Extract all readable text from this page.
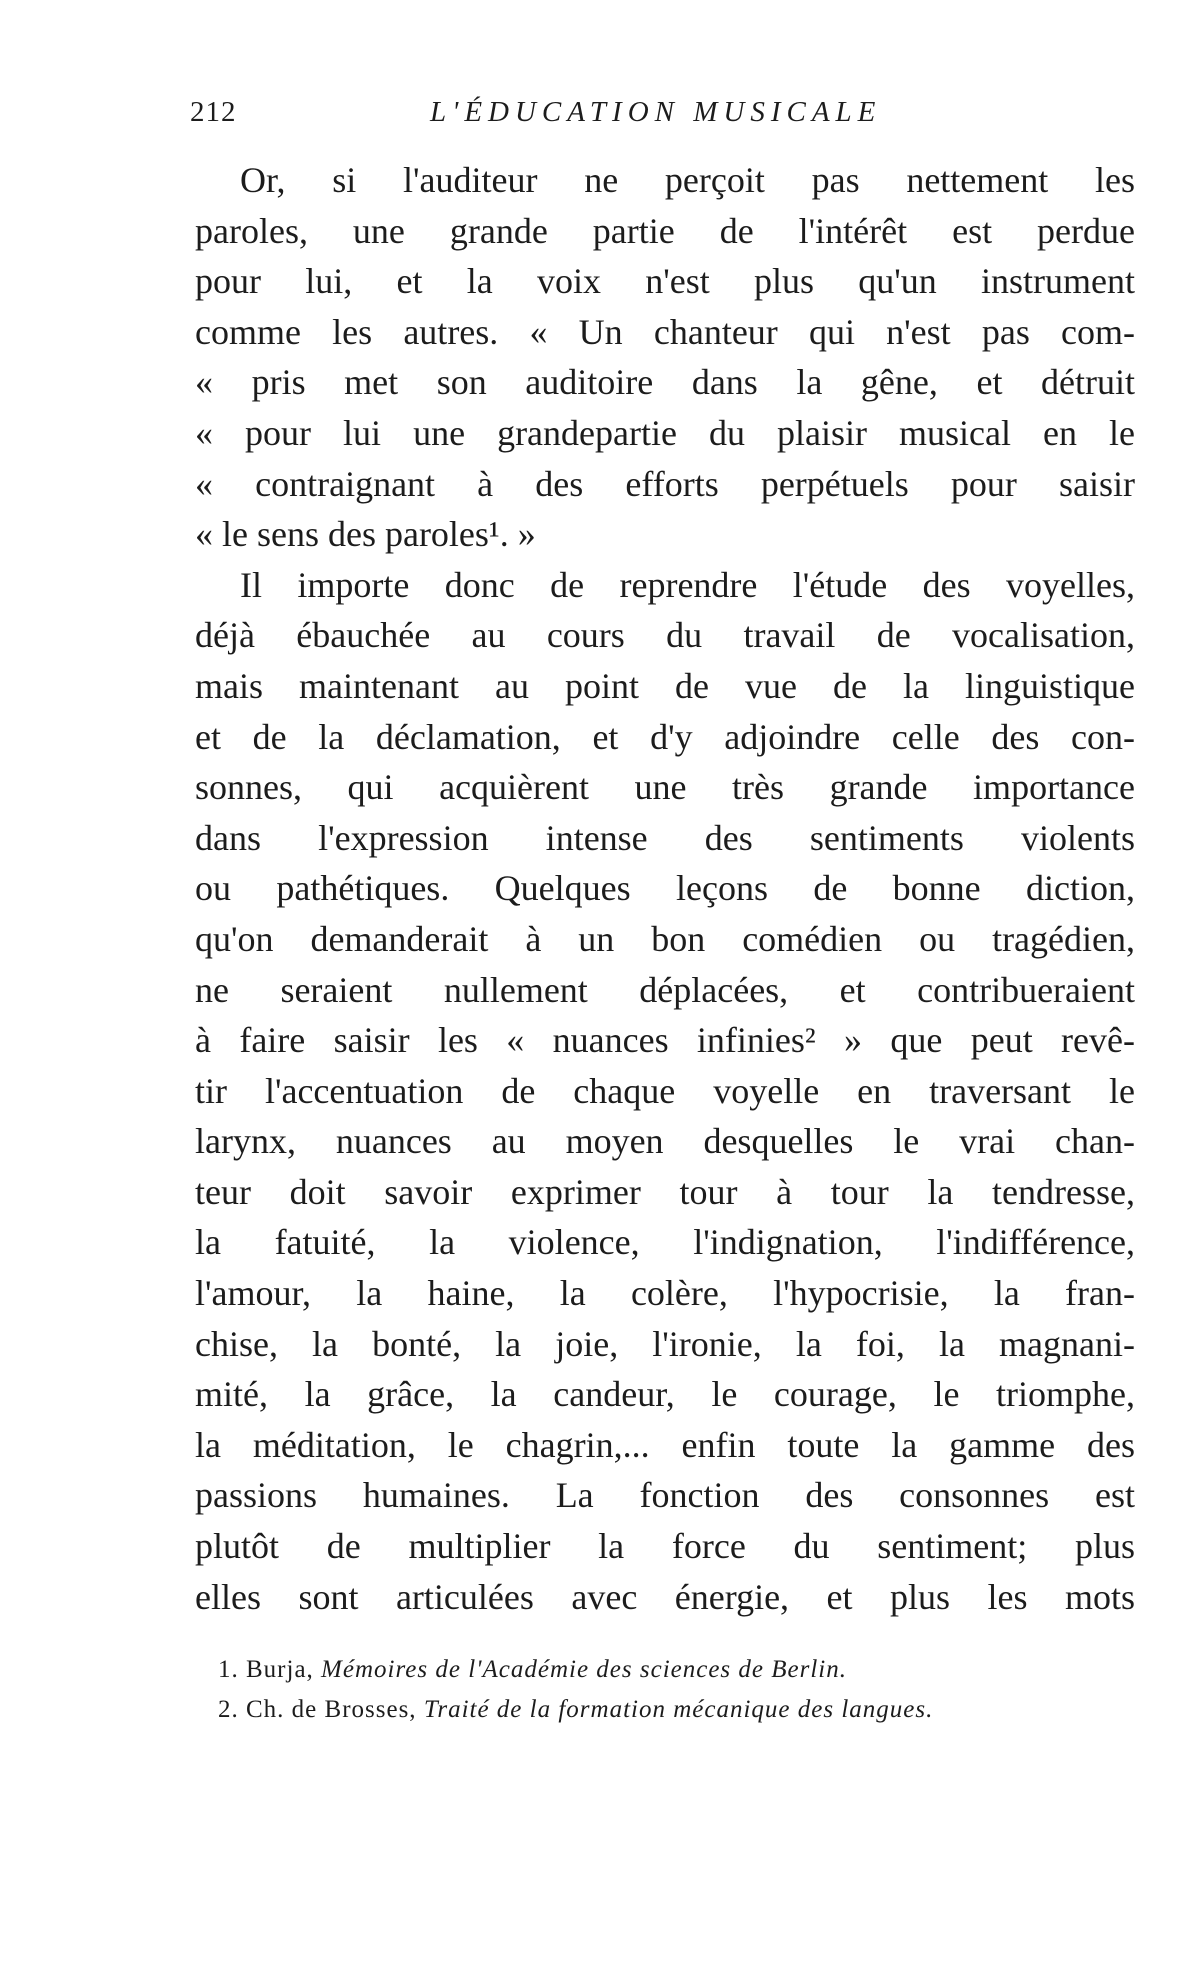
212	L'ÉDUCATION MUSICALE
Or, si l'auditeur ne perçoit pas nettement les
paroles, une grande partie de l'intérêt est perdue
pour lui, et la voix n'est plus qu'un instrument
comme les autres. « Un chanteur qui n'est pas com-
« pris met son auditoire dans la gêne, et détruit
« pour lui une grandepartie du plaisir musical en le
« contraignant à des efforts perpétuels pour saisir
« le sens des paroles¹. »
Il importe donc de reprendre l'étude des voyelles,
déjà ébauchée au cours du travail de vocalisation,
mais maintenant au point de vue de la linguistique
et de la déclamation, et d'y adjoindre celle des con-
sonnes, qui acquièrent une très grande importance
dans l'expression intense des sentiments violents
ou pathétiques. Quelques leçons de bonne diction,
qu'on demanderait à un bon comédien ou tragédien,
ne seraient nullement déplacées, et contribueraient
à faire saisir les « nuances infinies² » que peut revê-
tir l'accentuation de chaque voyelle en traversant le
larynx, nuances au moyen desquelles le vrai chan-
teur doit savoir exprimer tour à tour la tendresse,
la fatuité, la violence, l'indignation, l'indifférence,
l'amour, la haine, la colère, l'hypocrisie, la fran-
chise, la bonté, la joie, l'ironie, la foi, la magnani-
mité, la grâce, la candeur, le courage, le triomphe,
la méditation, le chagrin,... enfin toute la gamme des
passions humaines. La fonction des consonnes est
plutôt de multiplier la force du sentiment; plus
elles sont articulées avec énergie, et plus les mots
1. Burja, Mémoires de l'Académie des sciences de Berlin.
2. Ch. de Brosses, Traité de la formation mécanique des langues.
